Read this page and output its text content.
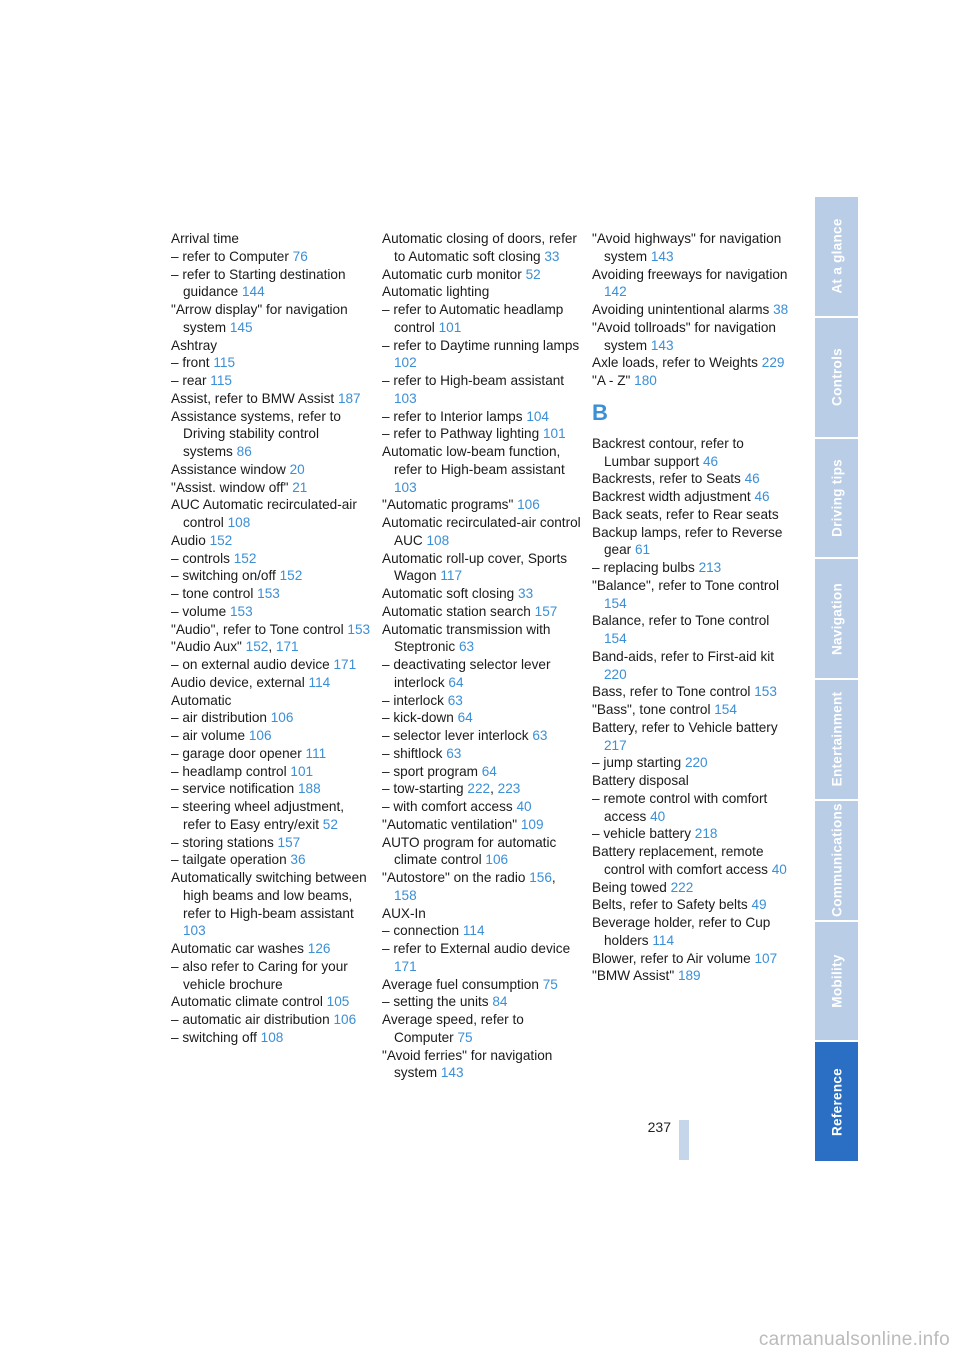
Arrival time
– refer to Computer 76
– refer to Starting destination guidance 144
"Arrow display" for navigation system 145
Ashtray
– front 115
– rear 115
Assist, refer to BMW Assist 187
Assistance systems, refer to Driving stability control systems 86
Assistance window 20
"Assist. window off" 21
AUC Automatic recirculated-air control 108
Audio 152
– controls 152
– switching on/off 152
– tone control 153
– volume 153
"Audio", refer to Tone control 153
"Audio Aux" 152, 171
– on external audio device 171
Audio device, external 114
Automatic
– air distribution 106
– air volume 106
– garage door opener 111
– headlamp control 101
– service notification 188
– steering wheel adjustment, refer to Easy entry/exit 52
– storing stations 157
– tailgate operation 36
Automatically switching between high beams and low beams, refer to High-beam assistant 103
Automatic car washes 126
– also refer to Caring for your vehicle brochure
Automatic climate control 105
– automatic air distribution 106
– switching off 108
Automatic closing of doors, refer to Automatic soft closing 33
Automatic curb monitor 52
Automatic lighting
– refer to Automatic headlamp control 101
– refer to Daytime running lamps 102
– refer to High-beam assistant 103
– refer to Interior lamps 104
– refer to Pathway lighting 101
Automatic low-beam function, refer to High-beam assistant 103
"Automatic programs" 106
Automatic recirculated-air control AUC 108
Automatic roll-up cover, Sports Wagon 117
Automatic soft closing 33
Automatic station search 157
Automatic transmission with Steptronic 63
– deactivating selector lever interlock 64
– interlock 63
– kick-down 64
– selector lever interlock 63
– shiftlock 63
– sport program 64
– tow-starting 222, 223
– with comfort access 40
"Automatic ventilation" 109
AUTO program for automatic climate control 106
"Autostore" on the radio 156, 158
AUX-In
– connection 114
– refer to External audio device 171
Average fuel consumption 75
– setting the units 84
Average speed, refer to Computer 75
"Avoid ferries" for navigation system 143
"Avoid highways" for navigation system 143
Avoiding freeways for navigation 142
Avoiding unintentional alarms 38
"Avoid tollroads" for navigation system 143
Axle loads, refer to Weights 229
"A - Z" 180
B
Backrest contour, refer to Lumbar support 46
Backrests, refer to Seats 46
Backrest width adjustment 46
Back seats, refer to Rear seats
Backup lamps, refer to Reverse gear 61
– replacing bulbs 213
"Balance", refer to Tone control 154
Balance, refer to Tone control 154
Band-aids, refer to First-aid kit 220
Bass, refer to Tone control 153
"Bass", tone control 154
Battery, refer to Vehicle battery 217
– jump starting 220
Battery disposal
– remote control with comfort access 40
– vehicle battery 218
Battery replacement, remote control with comfort access 40
Being towed 222
Belts, refer to Safety belts 49
Beverage holder, refer to Cup holders 114
Blower, refer to Air volume 107
"BMW Assist" 189
237
At a glance
Controls
Driving tips
Navigation
Entertainment
Communications
Mobility
Reference
carmanualsonline.info
